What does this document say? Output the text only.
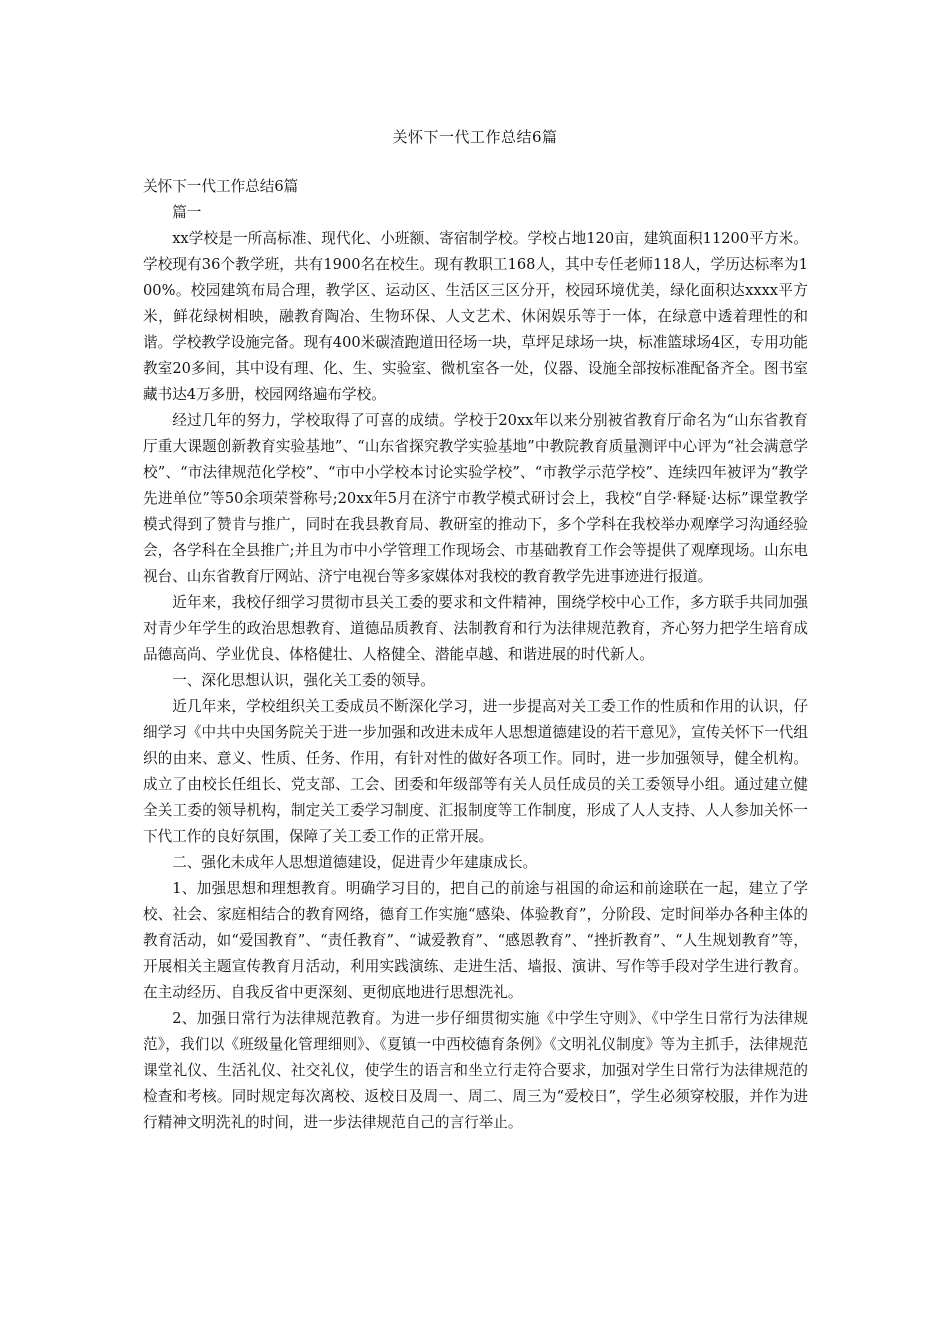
关怀下一代工作总结6篇

关怀下一代工作总结6篇

篇一

xx学校是一所高标准、现代化、小班额、寄宿制学校。学校占地120亩，建筑面积11200平方米。学校现有36个教学班，共有1900名在校生。现有教职工168人，其中专任老师118人，学历达标率为100%。校园建筑布局合理，教学区、运动区、生活区三区分开，校园环境优美，绿化面积达xxxx平方米，鲜花绿树相映，融教育陶冶、生物环保、人文艺术、休闲娱乐等于一体，在绿意中透着理性的和谐。学校教学设施完备。现有400米碳渣跑道田径场一块，草坪足球场一块，标准篮球场4区，专用功能教室20多间，其中设有理、化、生、实验室、微机室各一处，仪器、设施全部按标准配备齐全。图书室藏书达4万多册，校园网络遍布学校。

经过几年的努力，学校取得了可喜的成绩。学校于20xx年以来分别被省教育厅命名为“山东省教育厅重大课题创新教育实验基地”、“山东省探究教学实验基地”中教院教育质量测评中心评为“社会满意学校”、“市法律规范化学校”、“市中小学校本讨论实验学校”、“市教学示范学校”、连续四年被评为“教学先进单位”等50余项荣誉称号;20xx年5月在济宁市教学模式研讨会上，我校“自学·释疑·达标”课堂教学模式得到了赞肯与推广，同时在我县教育局、教研室的推动下，多个学科在我校举办观摩学习沟通经验会，各学科在全县推广;并且为市中小学管理工作现场会、市基础教育工作会等提供了观摩现场。山东电视台、山东省教育厅网站、济宁电视台等多家媒体对我校的教育教学先进事迹进行报道。

近年来，我校仔细学习贯彻市县关工委的要求和文件精神，围绕学校中心工作，多方联手共同加强对青少年学生的政治思想教育、道德品质教育、法制教育和行为法律规范教育，齐心努力把学生培育成品德高尚、学业优良、体格健壮、人格健全、潜能卓越、和谐进展的时代新人。

一、深化思想认识，强化关工委的领导。

近几年来，学校组织关工委成员不断深化学习，进一步提高对关工委工作的性质和作用的认识，仔细学习《中共中央国务院关于进一步加强和改进未成年人思想道德建设的若干意见》，宣传关怀下一代组织的由来、意义、性质、任务、作用，有针对性的做好各项工作。同时，进一步加强领导，健全机构。成立了由校长任组长、党支部、工会、团委和年级部等有关人员任成员的关工委领导小组。通过建立健全关工委的领导机构，制定关工委学习制度、汇报制度等工作制度，形成了人人支持、人人参加关怀一下代工作的良好氛围，保障了关工委工作的正常开展。

二、强化未成年人思想道德建设，促进青少年建康成长。

1、加强思想和理想教育。明确学习目的，把自己的前途与祖国的命运和前途联在一起，建立了学校、社会、家庭相结合的教育网络，德育工作实施“感染、体验教育”，分阶段、定时间举办各种主体的教育活动，如“爱国教育”、“责任教育”、“诚爱教育”、“感恩教育”、“挫折教育”、“人生规划教育”等，开展相关主题宣传教育月活动，利用实践演练、走进生活、墙报、演讲、写作等手段对学生进行教育。在主动经历、自我反省中更深刻、更彻底地进行思想洗礼。

2、加强日常行为法律规范教育。为进一步仔细贯彻实施《中学生守则》、《中学生日常行为法律规范》，我们以《班级量化管理细则》、《夏镇一中西校德育条例》《文明礼仪制度》等为主抓手，法律规范课堂礼仪、生活礼仪、社交礼仪，使学生的语言和坐立行走符合要求，加强对学生日常行为法律规范的检查和考核。同时规定每次离校、返校日及周一、周二、周三为“爱校日”，学生必须穿校服，并作为进行精神文明洗礼的时间，进一步法律规范自己的言行举止。
